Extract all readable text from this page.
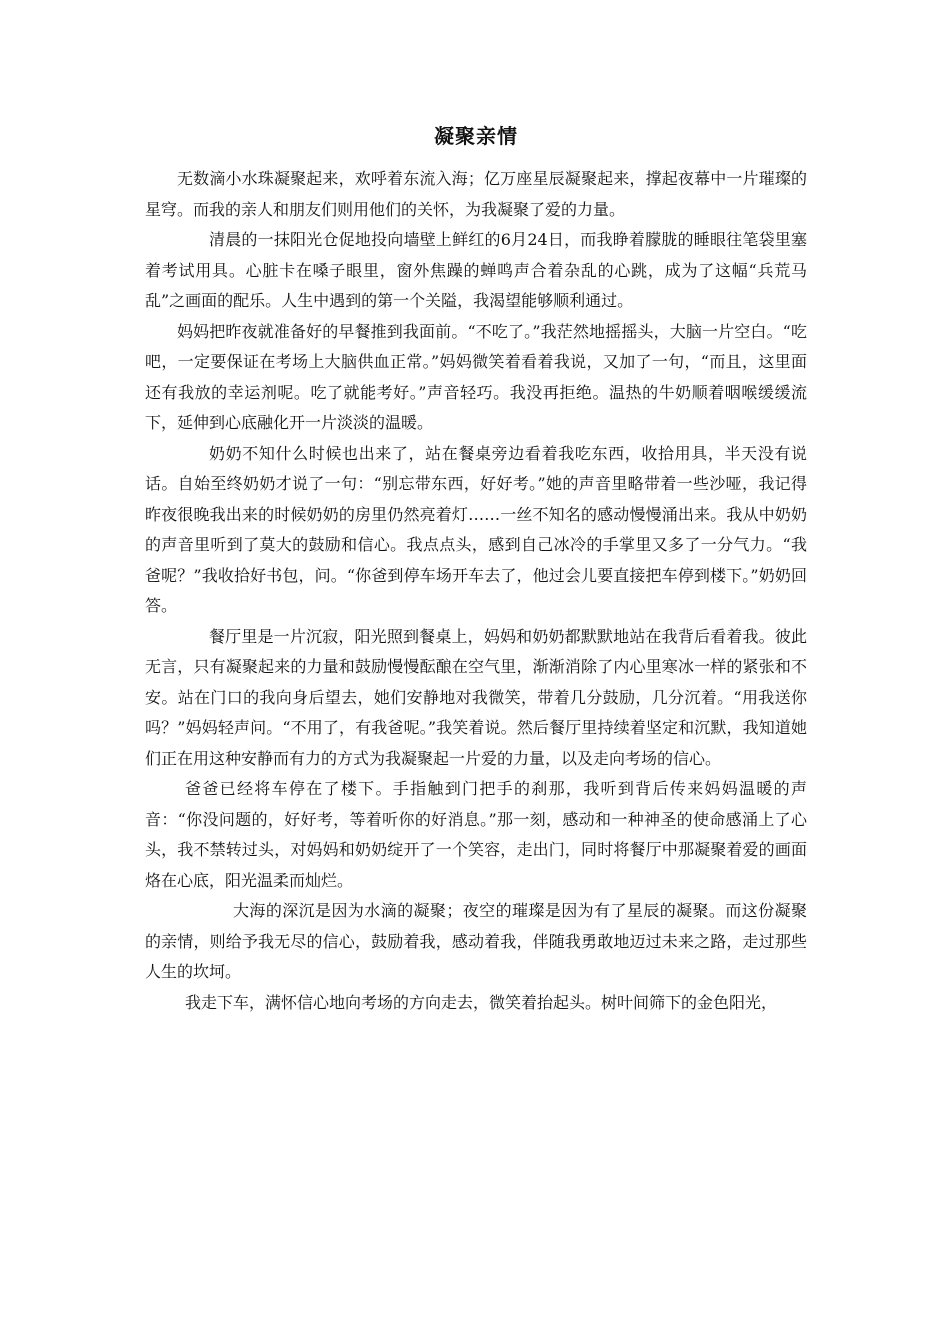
凝聚亲情

无数滴小水珠凝聚起来，欢呼着东流入海；亿万座星辰凝聚起来，撑起夜幕中一片璀璨的星穹。而我的亲人和朋友们则用他们的关怀，为我凝聚了爱的力量。

清晨的一抹阳光仓促地投向墙壁上鲜红的6月24日，而我睁着朦胧的睡眼往笔袋里塞着考试用具。心脏卡在嗓子眼里，窗外焦躁的蝉鸣声合着杂乱的心跳，成为了这幅“兵荒马乱”之画面的配乐。人生中遇到的第一个关隘，我渴望能够顺利通过。

妈妈把昨夜就准备好的早餐推到我面前。“不吃了。”我茫然地摇摇头，大脑一片空白。“吃吧，一定要保证在考场上大脑供血正常。”妈妈微笑着看着我说，又加了一句，“而且，这里面还有我放的幸运剂呢。吃了就能考好。”声音轻巧。我没再拒绝。温热的牛奶顺着咽喉缓缓流下，延伸到心底融化开一片淡淡的温暖。

奶奶不知什么时候也出来了，站在餐桌旁边看着我吃东西，收拾用具，半天没有说话。自始至终奶奶才说了一句：“别忘带东西，好好考。”她的声音里略带着一些沙哑，我记得昨夜很晚我出来的时候奶奶的房里仍然亮着灯……一丝不知名的感动慢慢涌出来。我从中奶奶的声音里听到了莫大的鼓励和信心。我点点头，感到自己冰冷的手掌里又多了一分气力。“我爸呢？”我收拾好书包，问。“你爸到停车场开车去了，他过会儿要直接把车停到楼下。”奶奶回答。

餐厅里是一片沉寂，阳光照到餐桌上，妈妈和奶奶都默默地站在我背后看着我。彼此无言，只有凝聚起来的力量和鼓励慢慢酝酿在空气里，渐渐消除了内心里寒冰一样的紧张和不安。站在门口的我向身后望去，她们安静地对我微笑，带着几分鼓励，几分沉着。“用我送你吗？”妈妈轻声问。“不用了，有我爸呢。”我笑着说。然后餐厅里持续着坚定和沉默，我知道她们正在用这种安静而有力的方式为我凝聚起一片爱的力量，以及走向考场的信心。

爸爸已经将车停在了楼下。手指触到门把手的刹那，我听到背后传来妈妈温暖的声音：“你没问题的，好好考，等着听你的好消息。”那一刻，感动和一种神圣的使命感涌上了心头，我不禁转过头，对妈妈和奶奶绽开了一个笑容，走出门，同时将餐厅中那凝聚着爱的画面烙在心底，阳光温柔而灿烂。

大海的深沉是因为水滴的凝聚；夜空的璀璨是因为有了星辰的凝聚。而这份凝聚的亲情，则给予我无尽的信心，鼓励着我，感动着我，伴随我勇敢地迈过未来之路，走过那些人生的坎坷。

我走下车，满怀信心地向考场的方向走去，微笑着抬起头。树叶间筛下的金色阳光，
